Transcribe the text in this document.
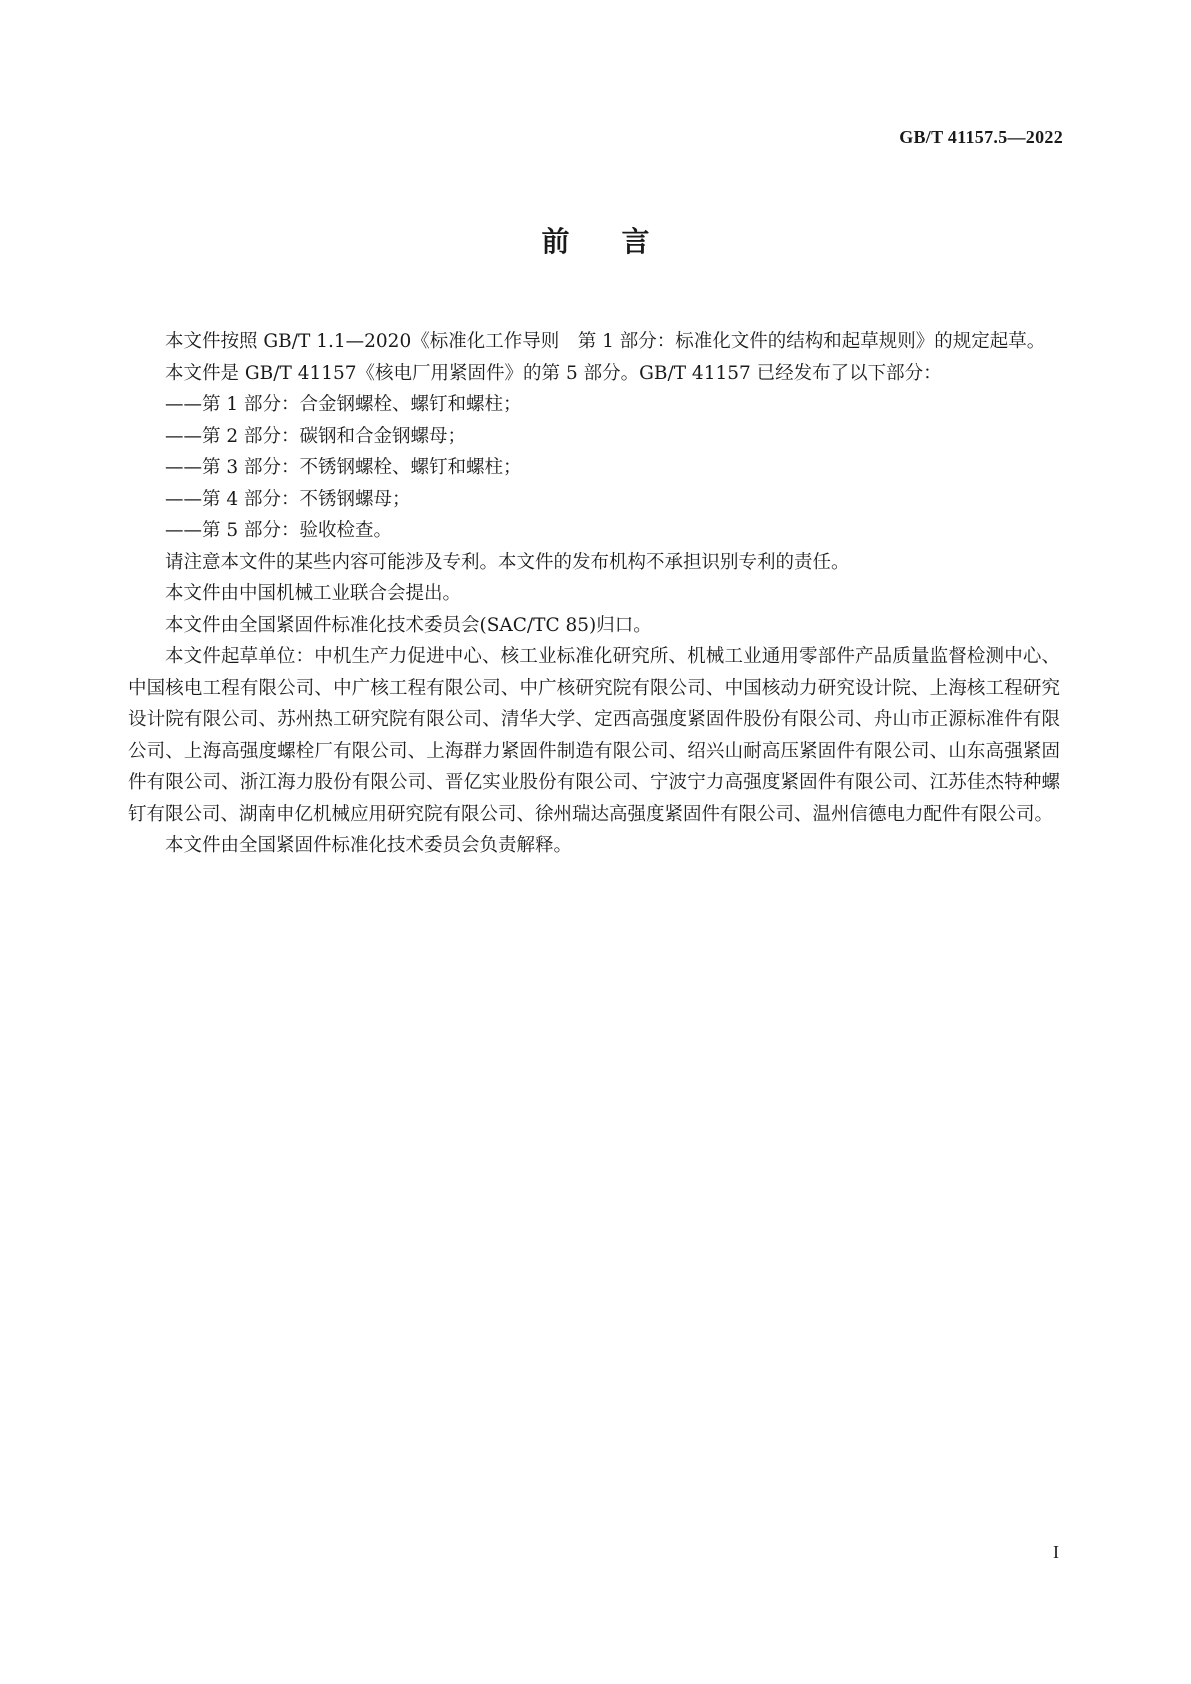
GB/T 41157.5—2022
前言

本文件按照 GB/T 1.1—2020《标准化工作导则　第 1 部分：标准化文件的结构和起草规则》的规定起草。

本文件是 GB/T 41157《核电厂用紧固件》的第 5 部分。GB/T 41157 已经发布了以下部分：

——第 1 部分：合金钢螺栓、螺钉和螺柱；

——第 2 部分：碳钢和合金钢螺母；

——第 3 部分：不锈钢螺栓、螺钉和螺柱；

——第 4 部分：不锈钢螺母；

——第 5 部分：验收检查。

请注意本文件的某些内容可能涉及专利。本文件的发布机构不承担识别专利的责任。

本文件由中国机械工业联合会提出。

本文件由全国紧固件标准化技术委员会(SAC/TC 85)归口。

本文件起草单位：中机生产力促进中心、核工业标准化研究所、机械工业通用零部件产品质量监督检测中心、中国核电工程有限公司、中广核工程有限公司、中广核研究院有限公司、中国核动力研究设计院、上海核工程研究设计院有限公司、苏州热工研究院有限公司、清华大学、定西高强度紧固件股份有限公司、舟山市正源标准件有限公司、上海高强度螺栓厂有限公司、上海群力紧固件制造有限公司、绍兴山耐高压紧固件有限公司、山东高强紧固件有限公司、浙江海力股份有限公司、晋亿实业股份有限公司、宁波宁力高强度紧固件有限公司、江苏佳杰特种螺钉有限公司、湖南申亿机械应用研究院有限公司、徐州瑞达高强度紧固件有限公司、温州信德电力配件有限公司。

本文件由全国紧固件标准化技术委员会负责解释。

I
